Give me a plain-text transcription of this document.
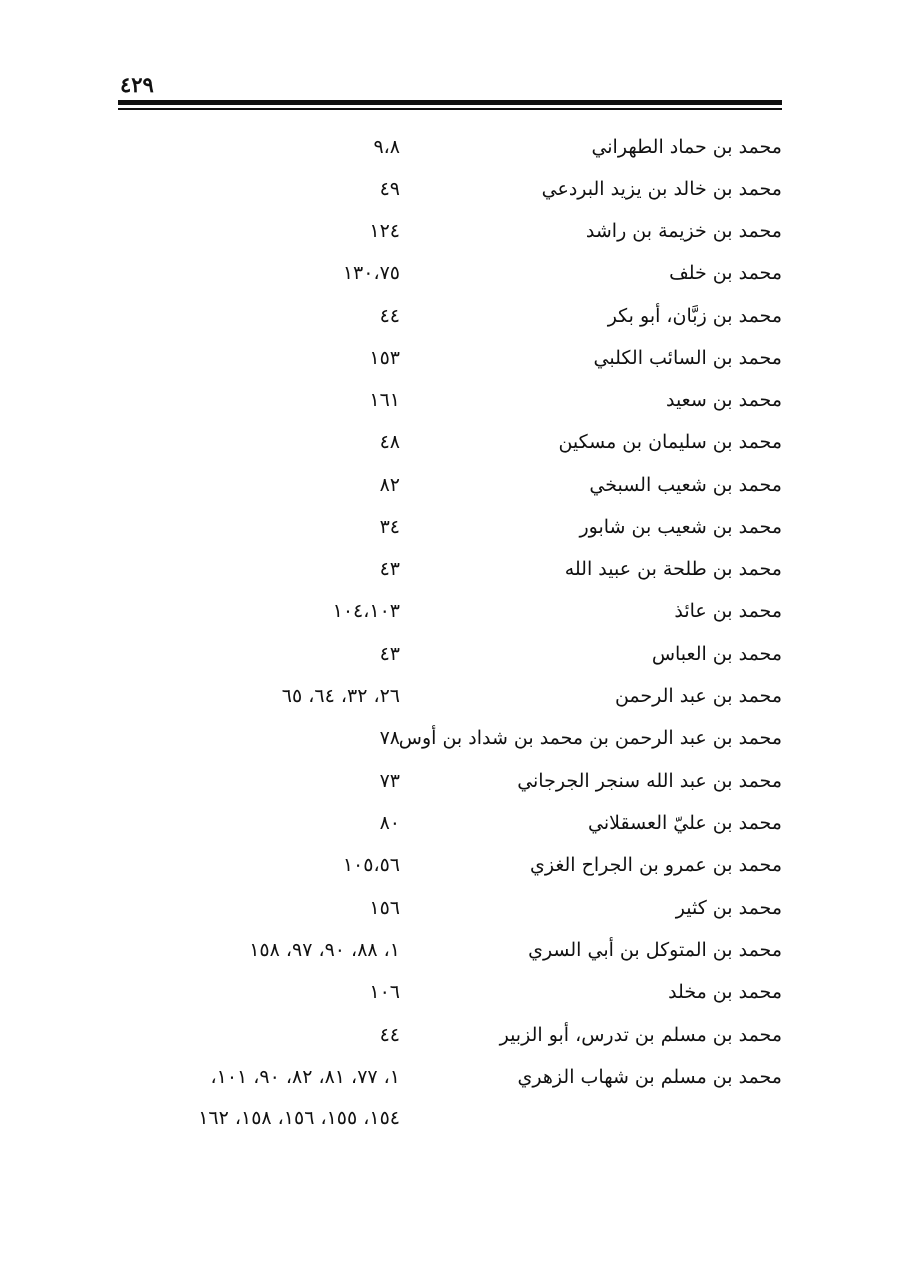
٤٢٩
محمد بن حماد الطهراني
٩،٨
محمد بن خالد بن يزيد البردعي
٤٩
محمد بن خزيمة بن راشد
١٢٤
محمد بن خلف
١٣٠،٧٥
محمد بن زبَّان، أبو بكر
٤٤
محمد بن السائب الكلبي
١٥٣
محمد بن سعيد
١٦١
محمد بن سليمان بن مسكين
٤٨
محمد بن شعيب السبخي
٨٢
محمد بن شعيب بن شابور
٣٤
محمد بن طلحة بن عبيد الله
٤٣
محمد بن عائذ
١٠٤،١٠٣
محمد بن العباس
٤٣
محمد بن عبد الرحمن
٢٦، ٣٢، ٦٤، ٦٥
محمد بن عبد الرحمن بن محمد بن شداد بن أوس
٧٨
محمد بن عبد الله سنجر الجرجاني
٧٣
محمد بن عليّ العسقلاني
٨٠
محمد بن عمرو بن الجراح الغزي
١٠٥،٥٦
محمد بن كثير
١٥٦
محمد بن المتوكل بن أبي السري
١، ٨٨، ٩٠، ٩٧، ١٥٨
محمد بن مخلد
١٠٦
محمد بن مسلم بن تدرس، أبو الزبير
٤٤
محمد بن مسلم بن شهاب الزهري
١، ٧٧، ٨١، ٨٢، ٩٠، ١٠١،
١٥٤، ١٥٥، ١٥٦، ١٥٨، ١٦٢
